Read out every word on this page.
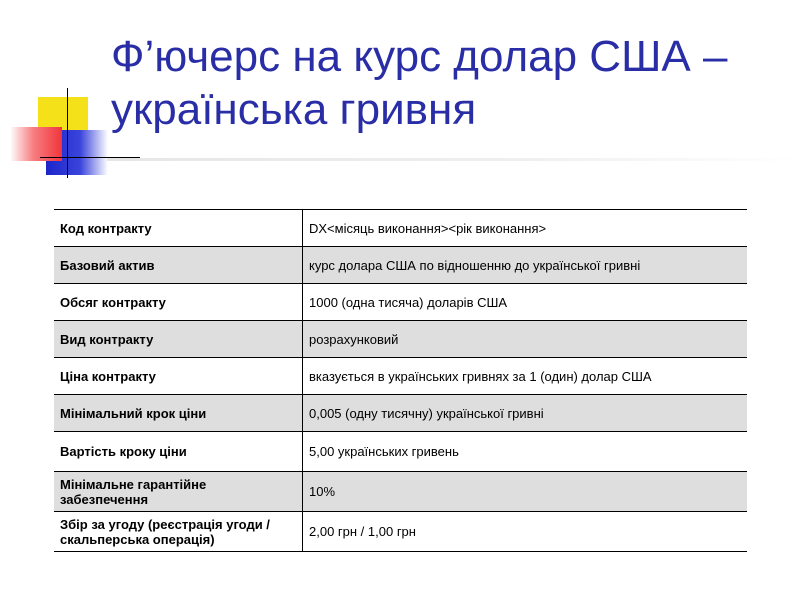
Ф’ючерс на курс долар США – українська гривня
Код контракту	DX<місяць виконання><рік виконання>
Базовий актив	курс долара США по відношенню до української гривні
Обсяг контракту	1000 (одна тисяча) доларів США
Вид контракту	розрахунковий
Ціна контракту	вказується в українських гривнях за 1 (один) долар США
Мінімальний крок ціни	0,005 (одну тисячну) української гривні
Вартість кроку ціни	5,00 українських гривень
Мінімальне гарантійне забезпечення	10%
Збір за угоду (реєстрація угоди / скальперська операція)	2,00 грн / 1,00 грн
